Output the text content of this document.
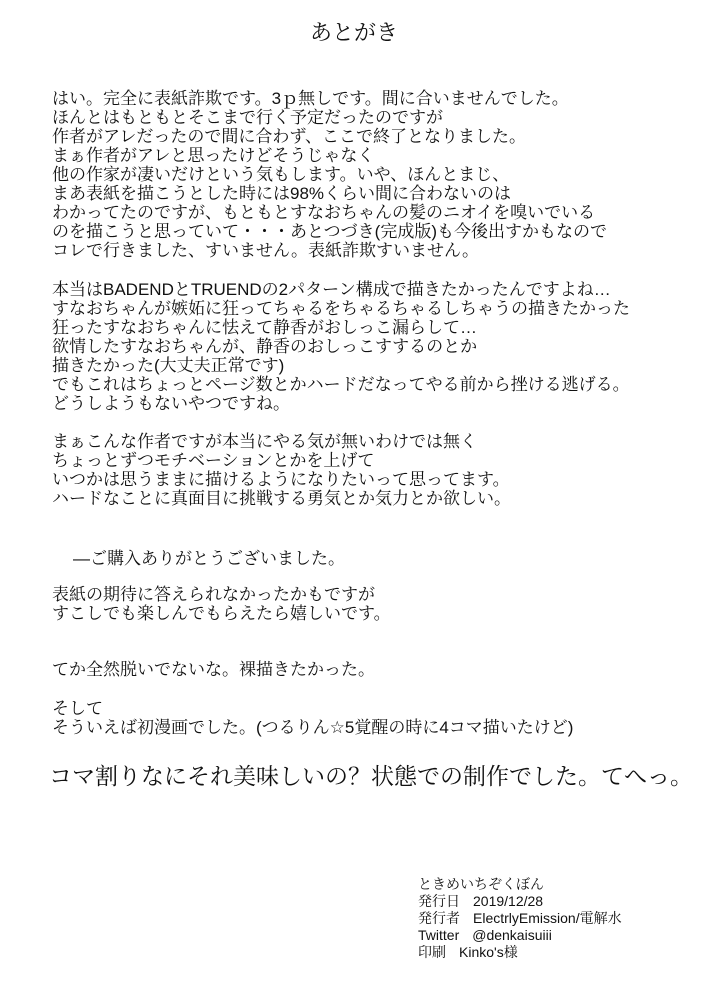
あとがき
はい。完全に表紙詐欺です。3ｐ無しです。間に合いませんでした。
ほんとはもともとそこまで行く予定だったのですが
作者がアレだったので間に合わず、ここで終了となりました。
まぁ作者がアレと思ったけどそうじゃなく
他の作家が凄いだけという気もします。いや、ほんとまじ、
まあ表紙を描こうとした時には98%くらい間に合わないのは
わかってたのですが、もともとすなおちゃんの髪のニオイを嗅いでいる
のを描こうと思っていて・・・あとつづき(完成版)も今後出すかもなので
コレで行きました、すいません。表紙詐欺すいません。
本当はBADENDとTRUENDの2パターン構成で描きたかったんですよね…
すなおちゃんが嫉妬に狂ってちゃるをちゃるちゃるしちゃうの描きたかった
狂ったすなおちゃんに怯えて静香がおしっこ漏らして…
欲情したすなおちゃんが、静香のおしっこすするのとか
描きたかった(大丈夫正常です)
でもこれはちょっとページ数とかハードだなってやる前から挫ける逃げる。
どうしようもないやつですね。
まぁこんな作者ですが本当にやる気が無いわけでは無く
ちょっとずつモチベーションとかを上げて
いつかは思うままに描けるようになりたいって思ってます。
ハードなことに真面目に挑戦する勇気とか気力とか欲しい。
―ご購入ありがとうございました。
表紙の期待に答えられなかったかもですが
すこしでも楽しんでもらえたら嬉しいです。
てか全然脱いでないな。裸描きたかった。
そして
そういえば初漫画でした。(つるりん☆5覚醒の時に4コマ描いたけど)
コマ割りなにそれ美味しいの？状態での制作でした。てへっ。
ときめいちぞくぼん
発行日 2019/12/28
発行者 ElectrlyEmission/電解水
Twitter @denkaisuiii
印刷 Kinko's様
